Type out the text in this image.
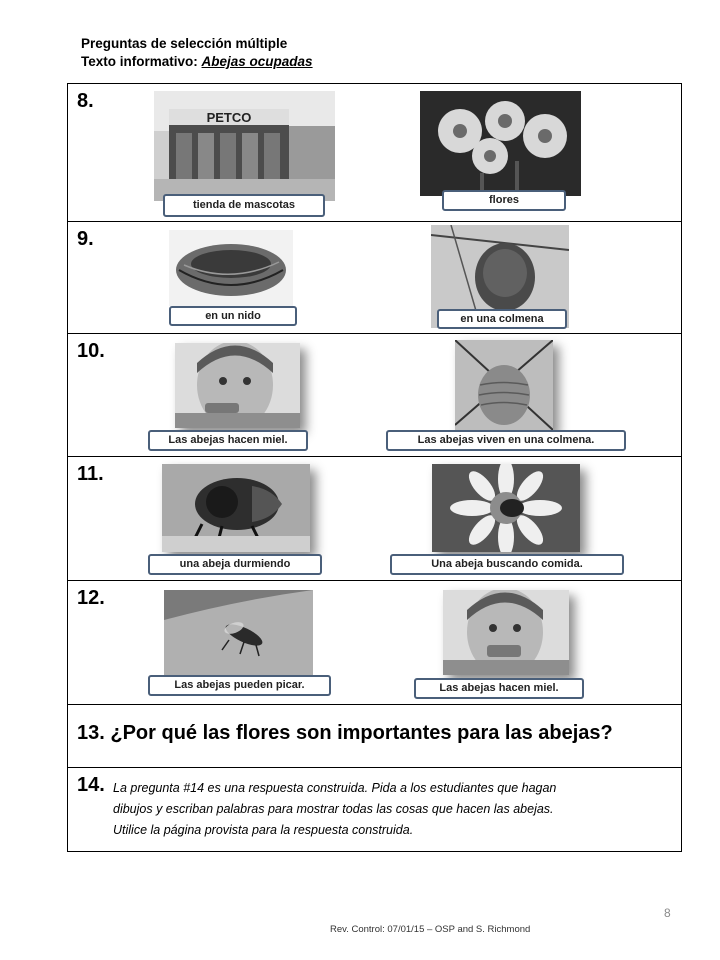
Preguntas de selección múltiple
Texto informativo: Abejas ocupadas
8.
PETCO
tienda de mascotas	flores
9.
en un nido	en una colmena
10.
Las abejas hacen miel.	Las abejas viven en una colmena.
11.
una abeja durmiendo	Una abeja buscando comida.
12.
Las abejas pueden picar.	Las abejas hacen miel.
13. ¿Por qué las flores son importantes para las abejas?
14. La pregunta #14 es una respuesta construida. Pida a los estudiantes que hagan
dibujos y escriban palabras para mostrar todas las cosas que hacen las abejas.
Utilice la página provista para la respuesta construida.
8
Rev. Control: 07/01/15 – OSP and S. Richmond
